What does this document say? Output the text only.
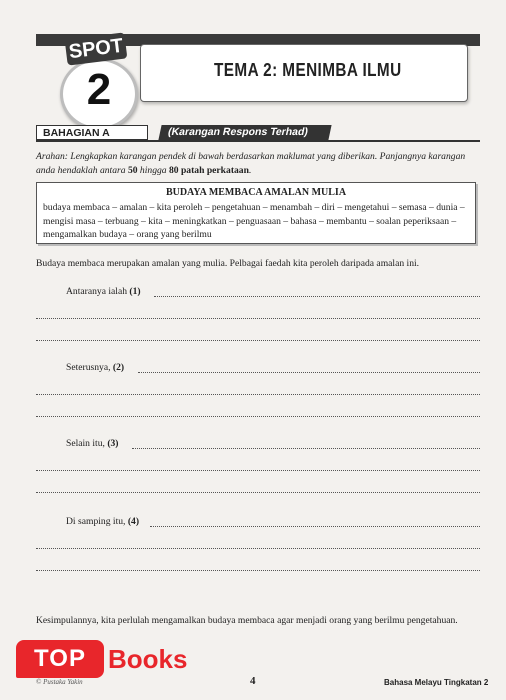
TEMA 2: MENIMBA ILMU
SPOT
2
BAHAGIAN A	(Karangan Respons Terhad)
Arahan: Lengkapkan karangan pendek di bawah berdasarkan maklumat yang diberikan. Panjangnya karangan anda hendaklah antara 50 hingga 80 patah perkataan.
BUDAYA MEMBACA AMALAN MULIA
budaya membaca – amalan – kita peroleh – pengetahuan – menambah – diri – mengetahui – semasa – dunia – mengisi masa – terbuang – kita – meningkatkan – penguasaan – bahasa – membantu – soalan peperiksaan – mengamalkan budaya – orang yang berilmu
Budaya membaca merupakan amalan yang mulia. Pelbagai faedah kita peroleh daripada amalan ini.
Antaranya ialah (1)
Seterusnya, (2)
Selain itu, (3)
Di samping itu, (4)
Kesimpulannya, kita perlulah mengamalkan budaya membaca agar menjadi orang yang berilmu pengetahuan.
TOP Books
© Pustaka Yakin	4	Bahasa Melayu Tingkatan 2
